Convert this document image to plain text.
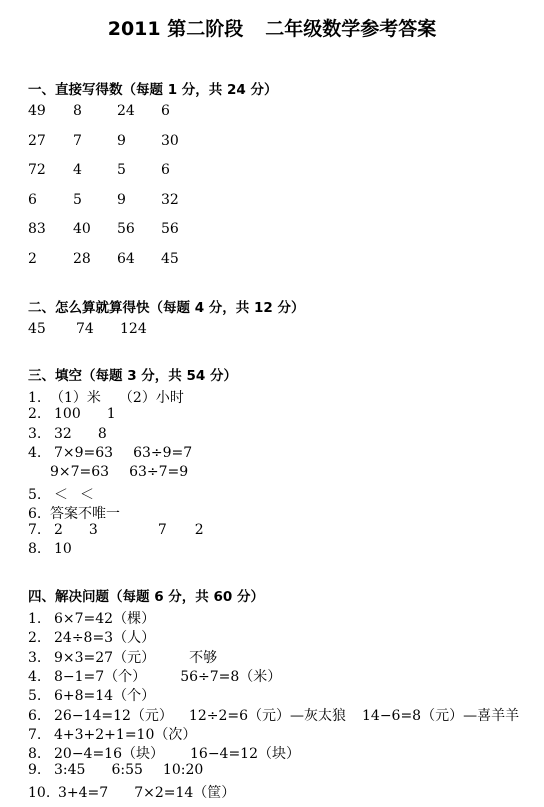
2011 第二阶段 二年级数学参考答案
一、直接写得数（每题 1 分，共 24 分）
49 8	24 6
27 7	9	30
72 4	5	6
6	5	9	32
83 40 56 56
2	28 64 45
二、怎么算就算得快（每题 4 分，共 12 分）
45 74 124
三、填空（每题 3 分，共 54 分）
1. （1）米 （2）小时
2. 100 1
3. 32 8
4. 7×9=63 63÷9=7
9×7=63 63÷7=9
5. ＜ ＜
6. 答案不唯一
7. 2 3	7 2
8. 10
四、解决问题（每题 6 分，共 60 分）
1. 6×7=42（棵）
2. 24÷8=3（人）
3. 9×3=27（元） 不够
4. 8−1=7（个） 56÷7=8（米）
5. 6+8=14（个）
6. 26−14=12（元） 12÷2=6（元）—灰太狼 14−6=8（元）—喜羊羊
7. 4+3+2+1=10（次）
8. 20−4=16（块） 16−4=12（块）
9. 3:45 6:55 10:20
10. 3+4=7 7×2=14（筐）
